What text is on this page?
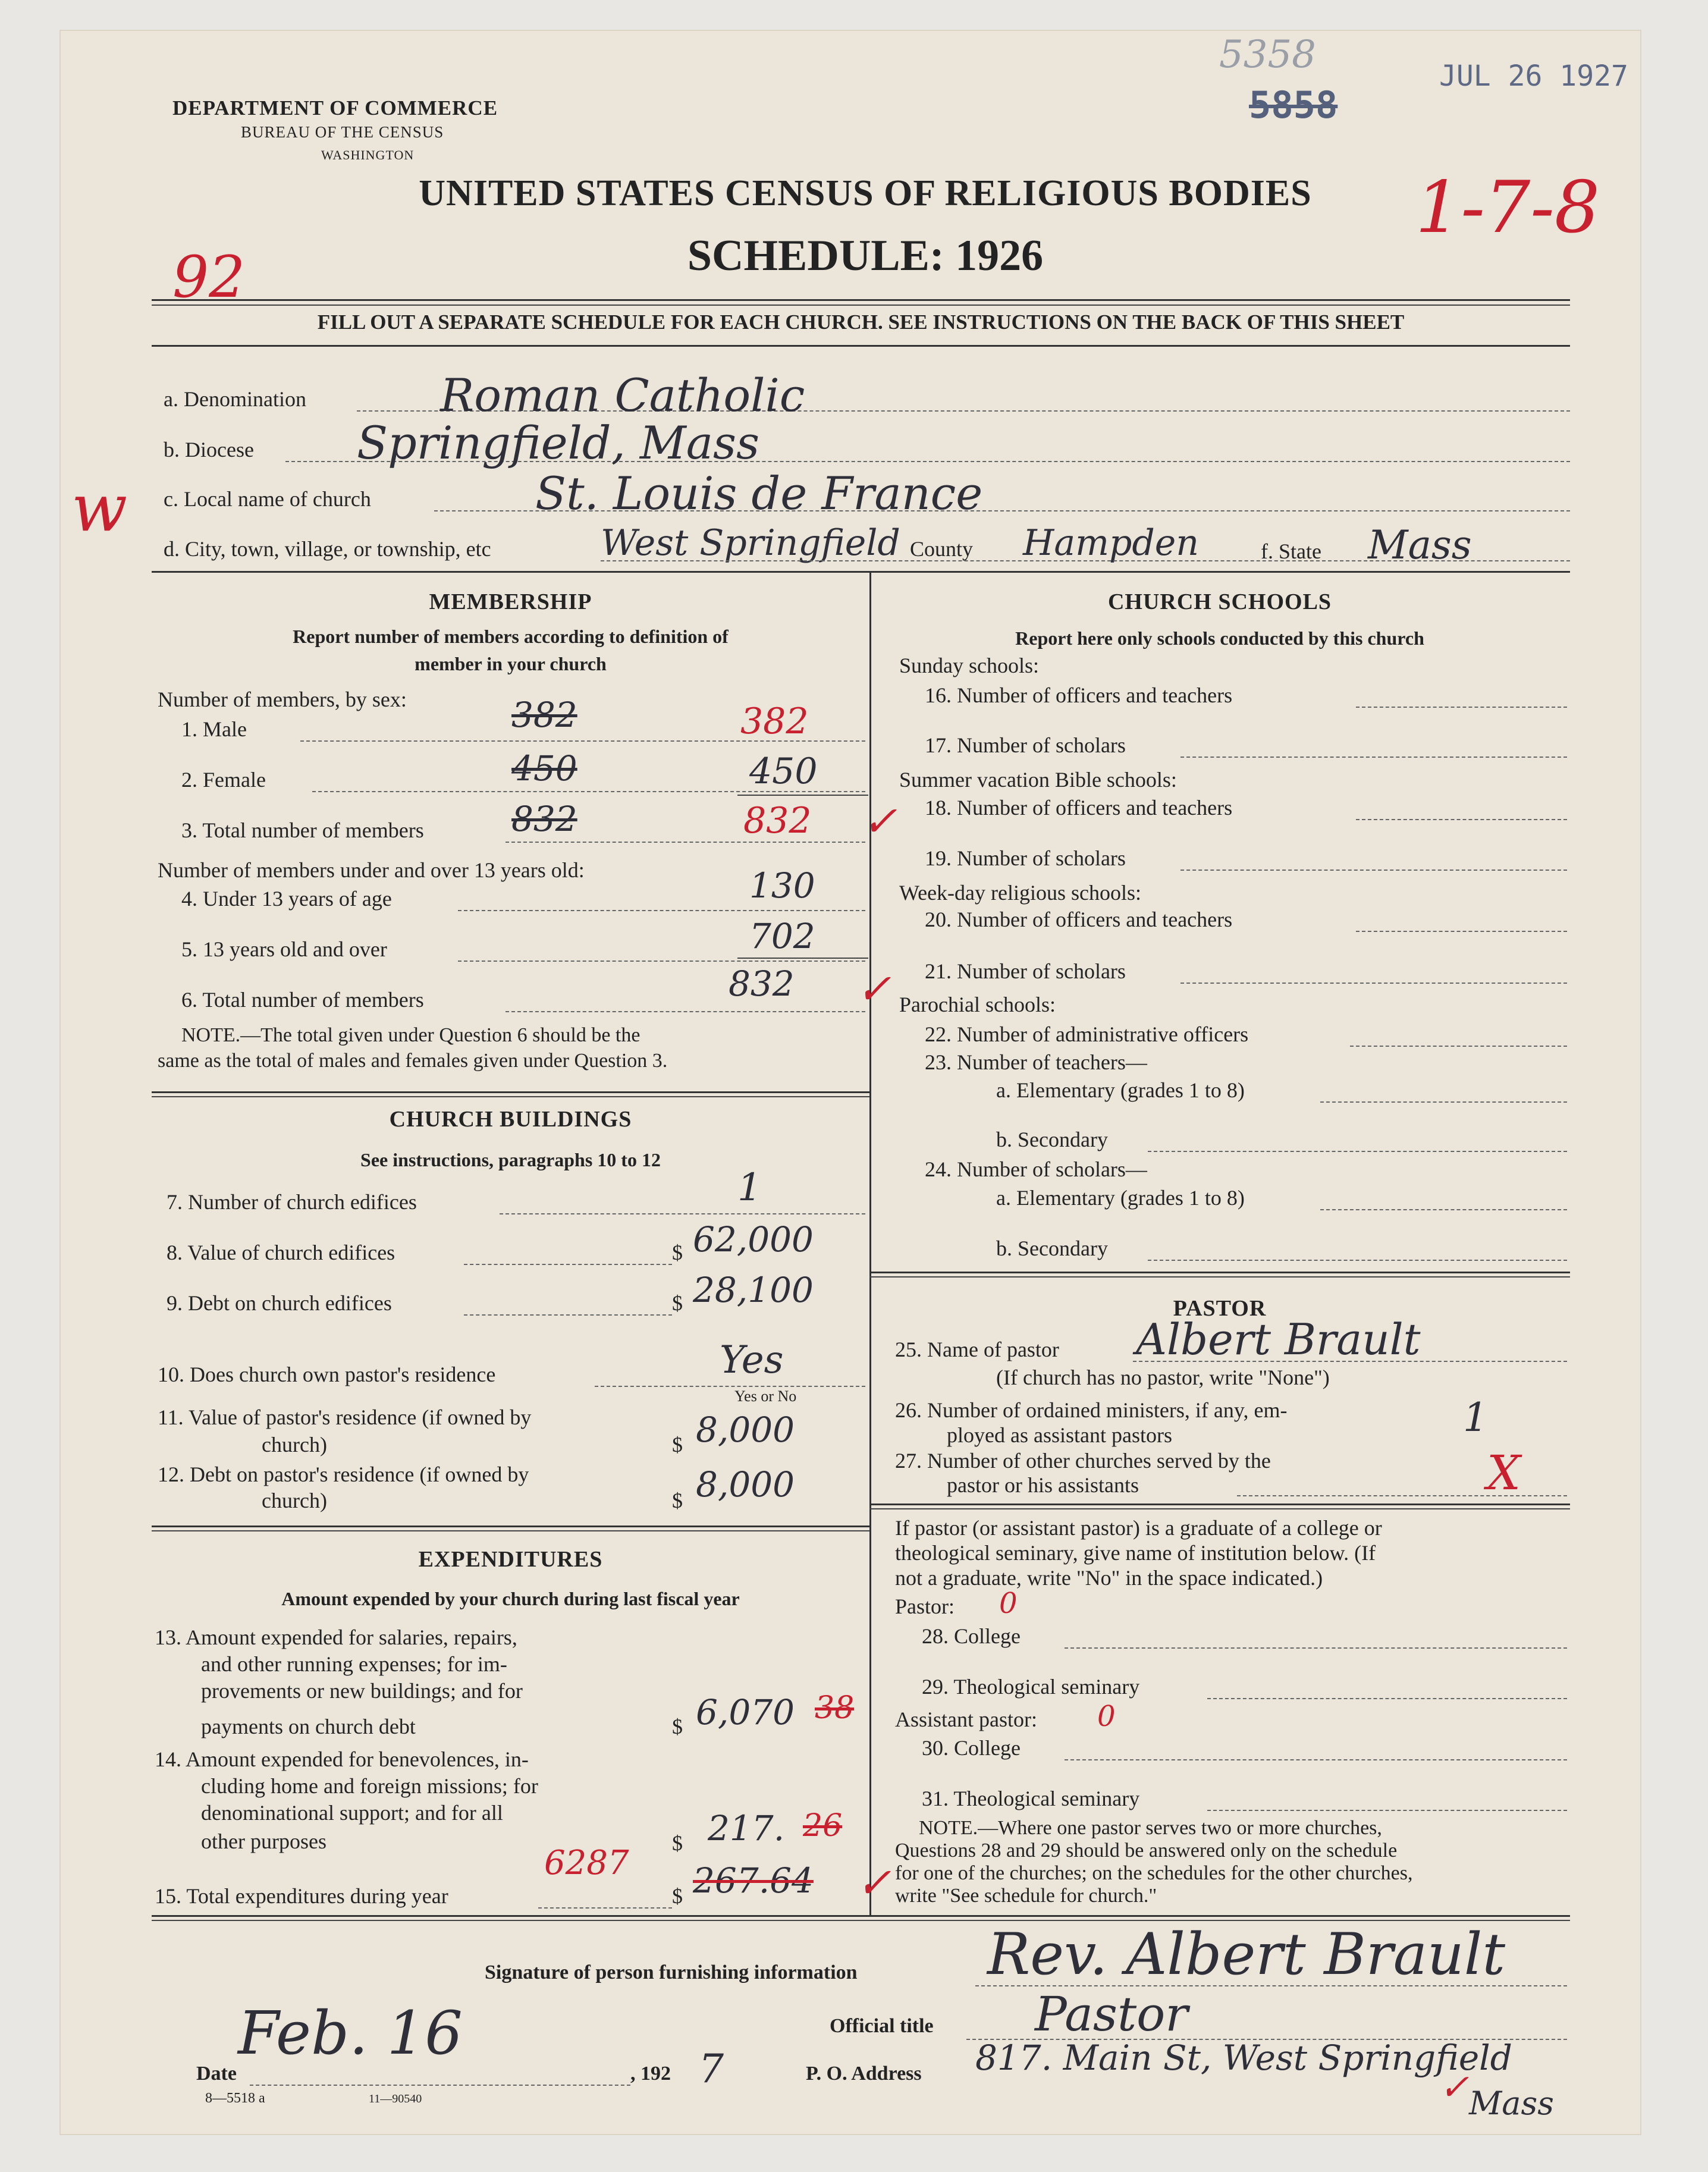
JUL 26 1927
5358
5858
1-7-8
92
w
DEPARTMENT OF COMMERCE
BUREAU OF THE CENSUS
WASHINGTON
UNITED STATES CENSUS OF RELIGIOUS BODIES
SCHEDULE: 1926
FILL OUT A SEPARATE SCHEDULE FOR EACH CHURCH. SEE INSTRUCTIONS ON THE BACK OF THIS SHEET
a. Denomination	Roman Catholic
b. Diocese Springfield, Mass
c. Local name of church	St. Louis de France
d. City, town, village, or township, etc	West Springfield County Hampden	f. State Mass
MEMBERSHIP
Report number of members according to definition of
member in your church
Number of members, by sex:
1. Male	382	382
2. Female	450	450
3. Total number of members	832	832 ✓
Number of members under and over 13 years old:
4. Under 13 years of age	130
5. 13 years old and over	702
6. Total number of members	832 ✓
NOTE.—The total given under Question 6 should be the
same as the total of males and females given under Question 3.
CHURCH BUILDINGS
See instructions, paragraphs 10 to 12
7. Number of church edifices	1
8. Value of church edifices	$ 62,000
9. Debt on church edifices	$ 28,100
10. Does church own pastor's residence	Yes
Yes or No
11. Value of pastor's residence (if owned by
church)	$ 8,000
12. Debt on pastor's residence (if owned by
church)	$ 8,000
EXPENDITURES
Amount expended by your church during last fiscal year
13. Amount expended for salaries, repairs,
and other running expenses; for im-
provements or new buildings; and for
payments on church debt	$ 6,070 38
14. Amount expended for benevolences, in-
cluding home and foreign missions; for
denominational support; and for all
other purposes	$ 217. 26
6287
15. Total expenditures during year	$ 267.64 ✓
CHURCH SCHOOLS
Report here only schools conducted by this church
Sunday schools:
16. Number of officers and teachers
17. Number of scholars
Summer vacation Bible schools:
18. Number of officers and teachers
19. Number of scholars
Week-day religious schools:
20. Number of officers and teachers
21. Number of scholars
Parochial schools:
22. Number of administrative officers
23. Number of teachers—
a. Elementary (grades 1 to 8)
b. Secondary
24. Number of scholars—
a. Elementary (grades 1 to 8)
b. Secondary
PASTOR
25. Name of pastor Albert Brault
(If church has no pastor, write "None")
26. Number of ordained ministers, if any, em-
ployed as assistant pastors	1
27. Number of other churches served by the
pastor or his assistants	X
If pastor (or assistant pastor) is a graduate of a college or
theological seminary, give name of institution below. (If
not a graduate, write "No" in the space indicated.)
Pastor: 0
28. College
29. Theological seminary
Assistant pastor: 0
30. College
31. Theological seminary
NOTE.—Where one pastor serves two or more churches,
Questions 28 and 29 should be answered only on the schedule
for one of the churches; on the schedules for the other churches,
write "See schedule for church."
Signature of person furnishing information Rev. Albert Brault
Official title Pastor
Date
Feb. 16
, 192 7	P. O. Address 817. Main St, West Springfield
Mass
✓
8—5518 a	11—90540
